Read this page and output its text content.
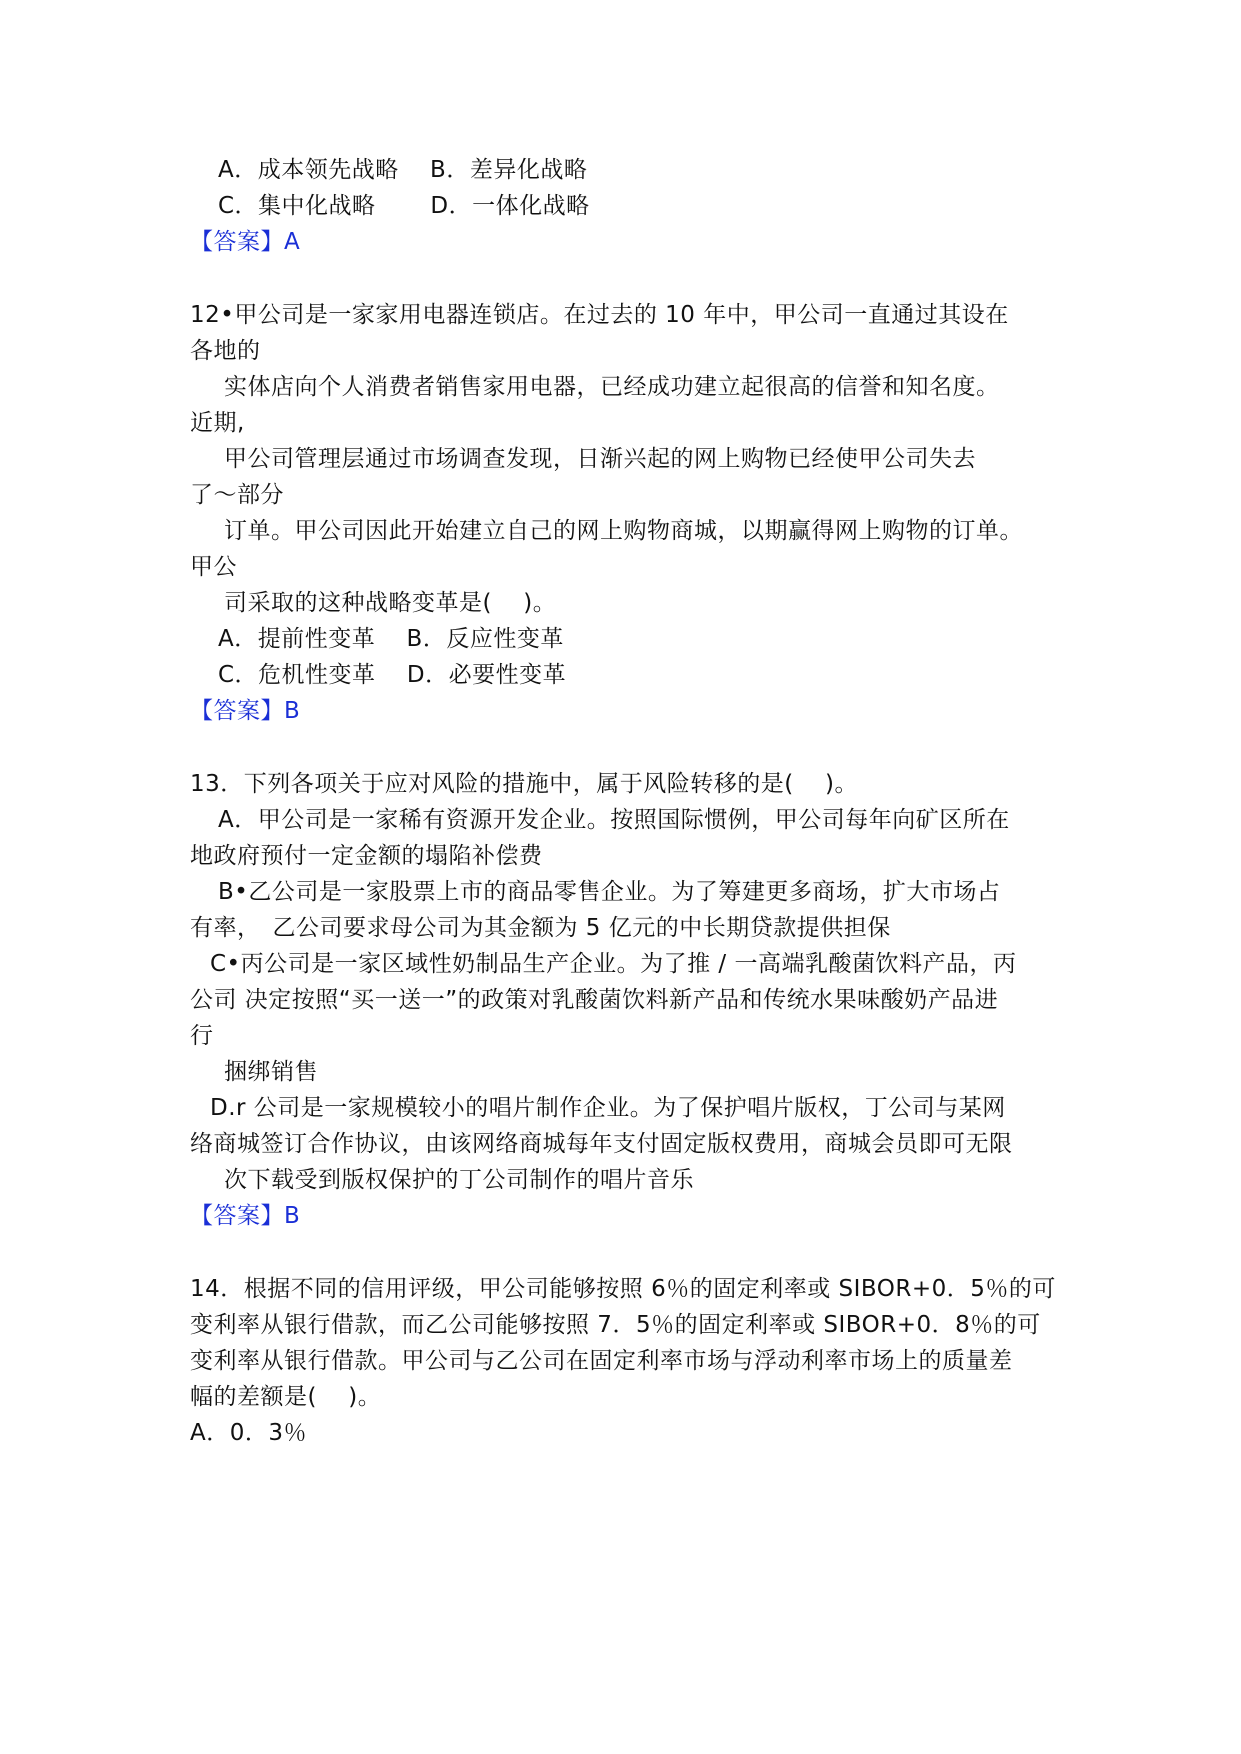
A．成本领先战略　 B．差异化战略
C．集中化战略　　 D．一体化战略
【答案】A
12•甲公司是一家家用电器连锁店。在过去的 10 年中，甲公司一直通过其设在
各地的
实体店向个人消费者销售家用电器，已经成功建立起很高的信誉和知名度。
近期,
甲公司管理层通过市场调查发现，日渐兴起的网上购物已经使甲公司失去
了〜部分
订单。甲公司因此开始建立自己的网上购物商城，以期赢得网上购物的订单。
甲公
司采取的这种战略变革是(　 )。
A．提前性变革　 B．反应性变革
C．危机性变革　 D．必要性变革
【答案】B
13．下列各项关于应对风险的措施中，属于风险转移的是(　 )。
A．甲公司是一家稀有资源开发企业。按照国际惯例，甲公司每年向矿区所在
地政府预付一定金额的塌陷补偿费
B•乙公司是一家股票上市的商品零售企业。为了筹建更多商场，扩大市场占
有率，　乙公司要求母公司为其金额为 5 亿元的中长期贷款提供担保
C•丙公司是一家区域性奶制品生产企业。为了推 / 一高端乳酸菌饮料产品，丙
公司 决定按照“买一送一”的政策对乳酸菌饮料新产品和传统水果味酸奶产品进
行
捆绑销售
D.r 公司是一家规模较小的唱片制作企业。为了保护唱片版权，丁公司与某网
络商城签订合作协议，由该网络商城每年支付固定版权费用，商城会员即可无限
次下载受到版权保护的丁公司制作的唱片音乐
【答案】B
14．根据不同的信用评级，甲公司能够按照 6％的固定利率或 SIBOR+0．5％的可
变利率从银行借款，而乙公司能够按照 7．5％的固定利率或 SIBOR+0．8％的可
变利率从银行借款。甲公司与乙公司在固定利率市场与浮动利率市场上的质量差
幅的差额是(　 )。
A．0．3％
